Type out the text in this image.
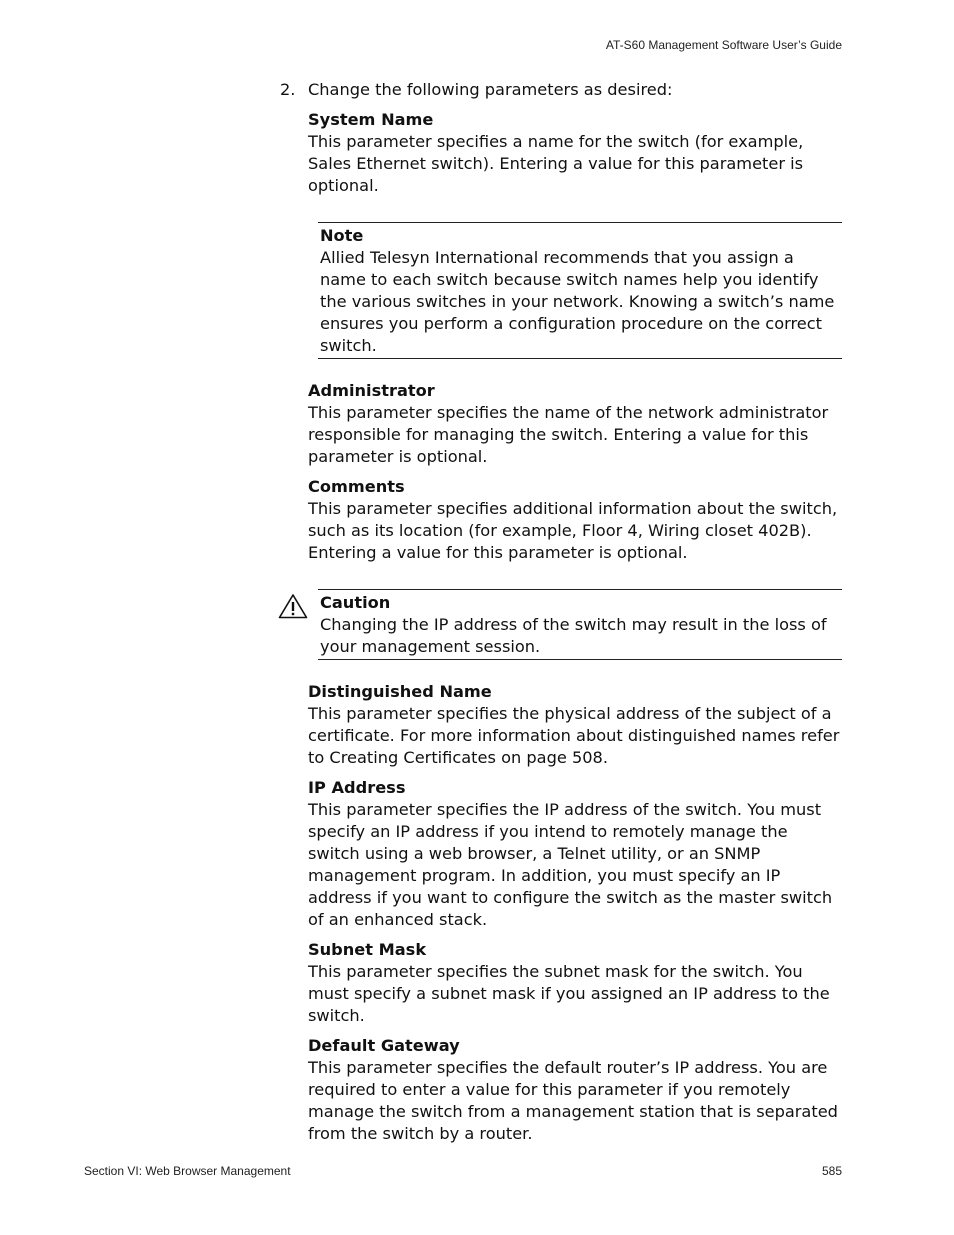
AT-S60 Management Software User’s Guide
2. Change the following parameters as desired:
System Name

This parameter specifies a name for the switch (for example, Sales Ethernet switch). Entering a value for this parameter is optional.

Note
Allied Telesyn International recommends that you assign a name to each switch because switch names help you identify the various switches in your network. Knowing a switch’s name ensures you perform a configuration procedure on the correct switch.
Administrator

This parameter specifies the name of the network administrator responsible for managing the switch. Entering a value for this parameter is optional.

Comments

This parameter specifies additional information about the switch, such as its location (for example, Floor 4, Wiring closet 402B). Entering a value for this parameter is optional.

Caution
Changing the IP address of the switch may result in the loss of your management session.
Distinguished Name

This parameter specifies the physical address of the subject of a certificate. For more information about distinguished names refer to Creating Certificates on page 508.

IP Address

This parameter specifies the IP address of the switch. You must specify an IP address if you intend to remotely manage the switch using a web browser, a Telnet utility, or an SNMP management program. In addition, you must specify an IP address if you want to configure the switch as the master switch of an enhanced stack.

Subnet Mask

This parameter specifies the subnet mask for the switch. You must specify a subnet mask if you assigned an IP address to the switch.

Default Gateway

This parameter specifies the default router’s IP address. You are required to enter a value for this parameter if you remotely manage the switch from a management station that is separated from the switch by a router.

Section VI: Web Browser Management	585
